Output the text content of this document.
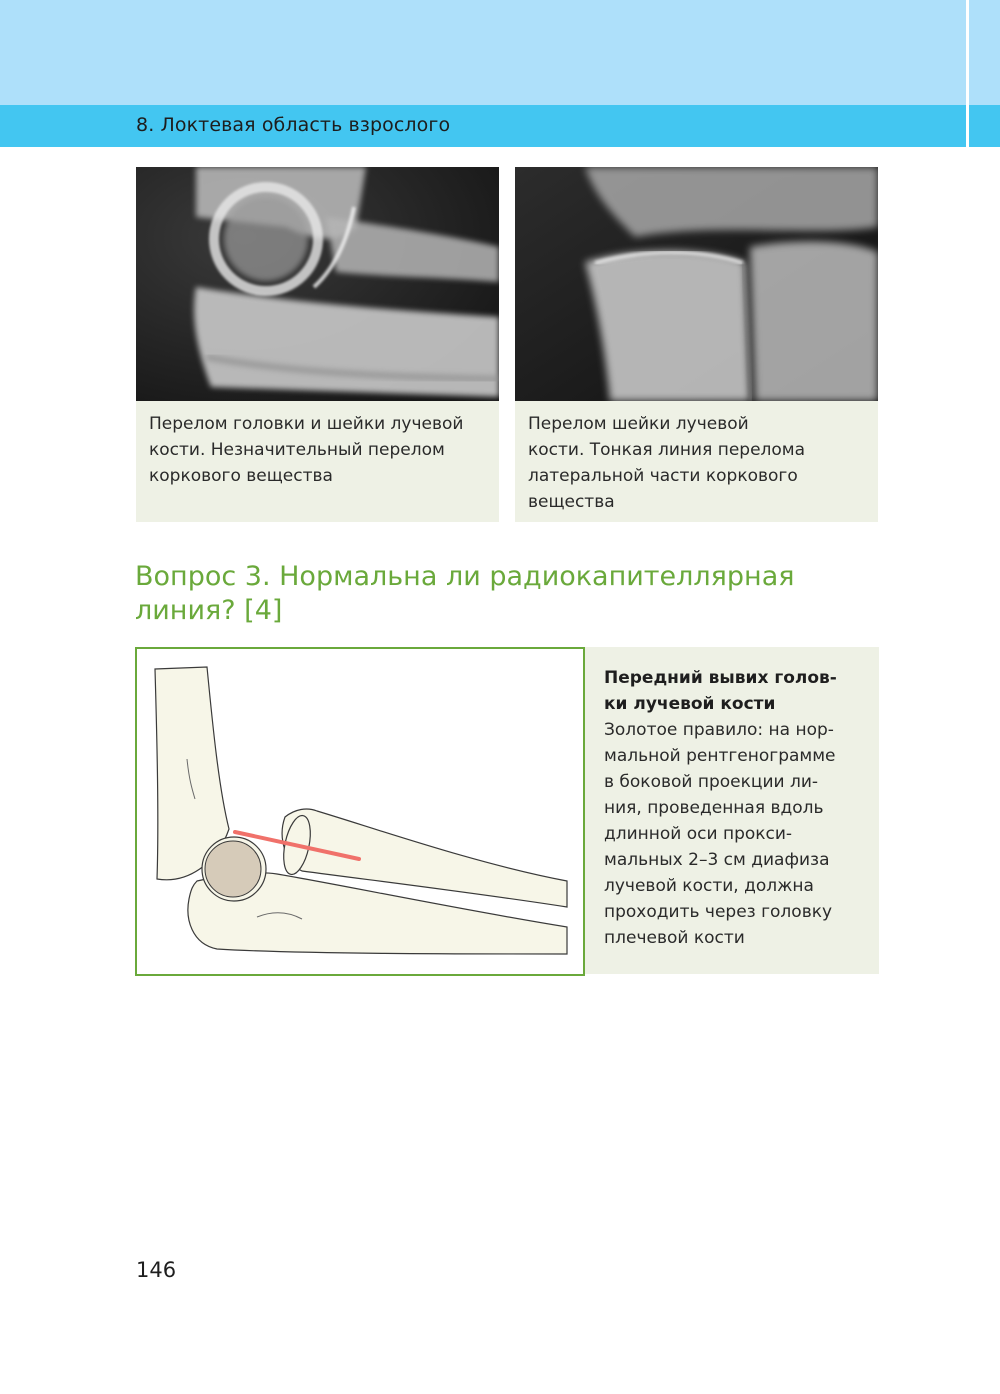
8. Локтевая область взрослого
Перелом головки и шейки лучевой
кости. Незначительный перелом
коркового вещества
Перелом шейки лучевой
кости. Тонкая линия перелома
латеральной части коркового
вещества
Вопрос 3. Нормальна ли радиокапителлярная
линия? [4]
Передний вывих голов-
ки лучевой кости
Золотое правило: на нор-
мальной рентгенограмме
в боковой проекции ли-
ния, проведенная вдоль
длинной оси прокси-
мальных 2–3 см диафиза
лучевой кости, должна
проходить через головку
плечевой кости
146
